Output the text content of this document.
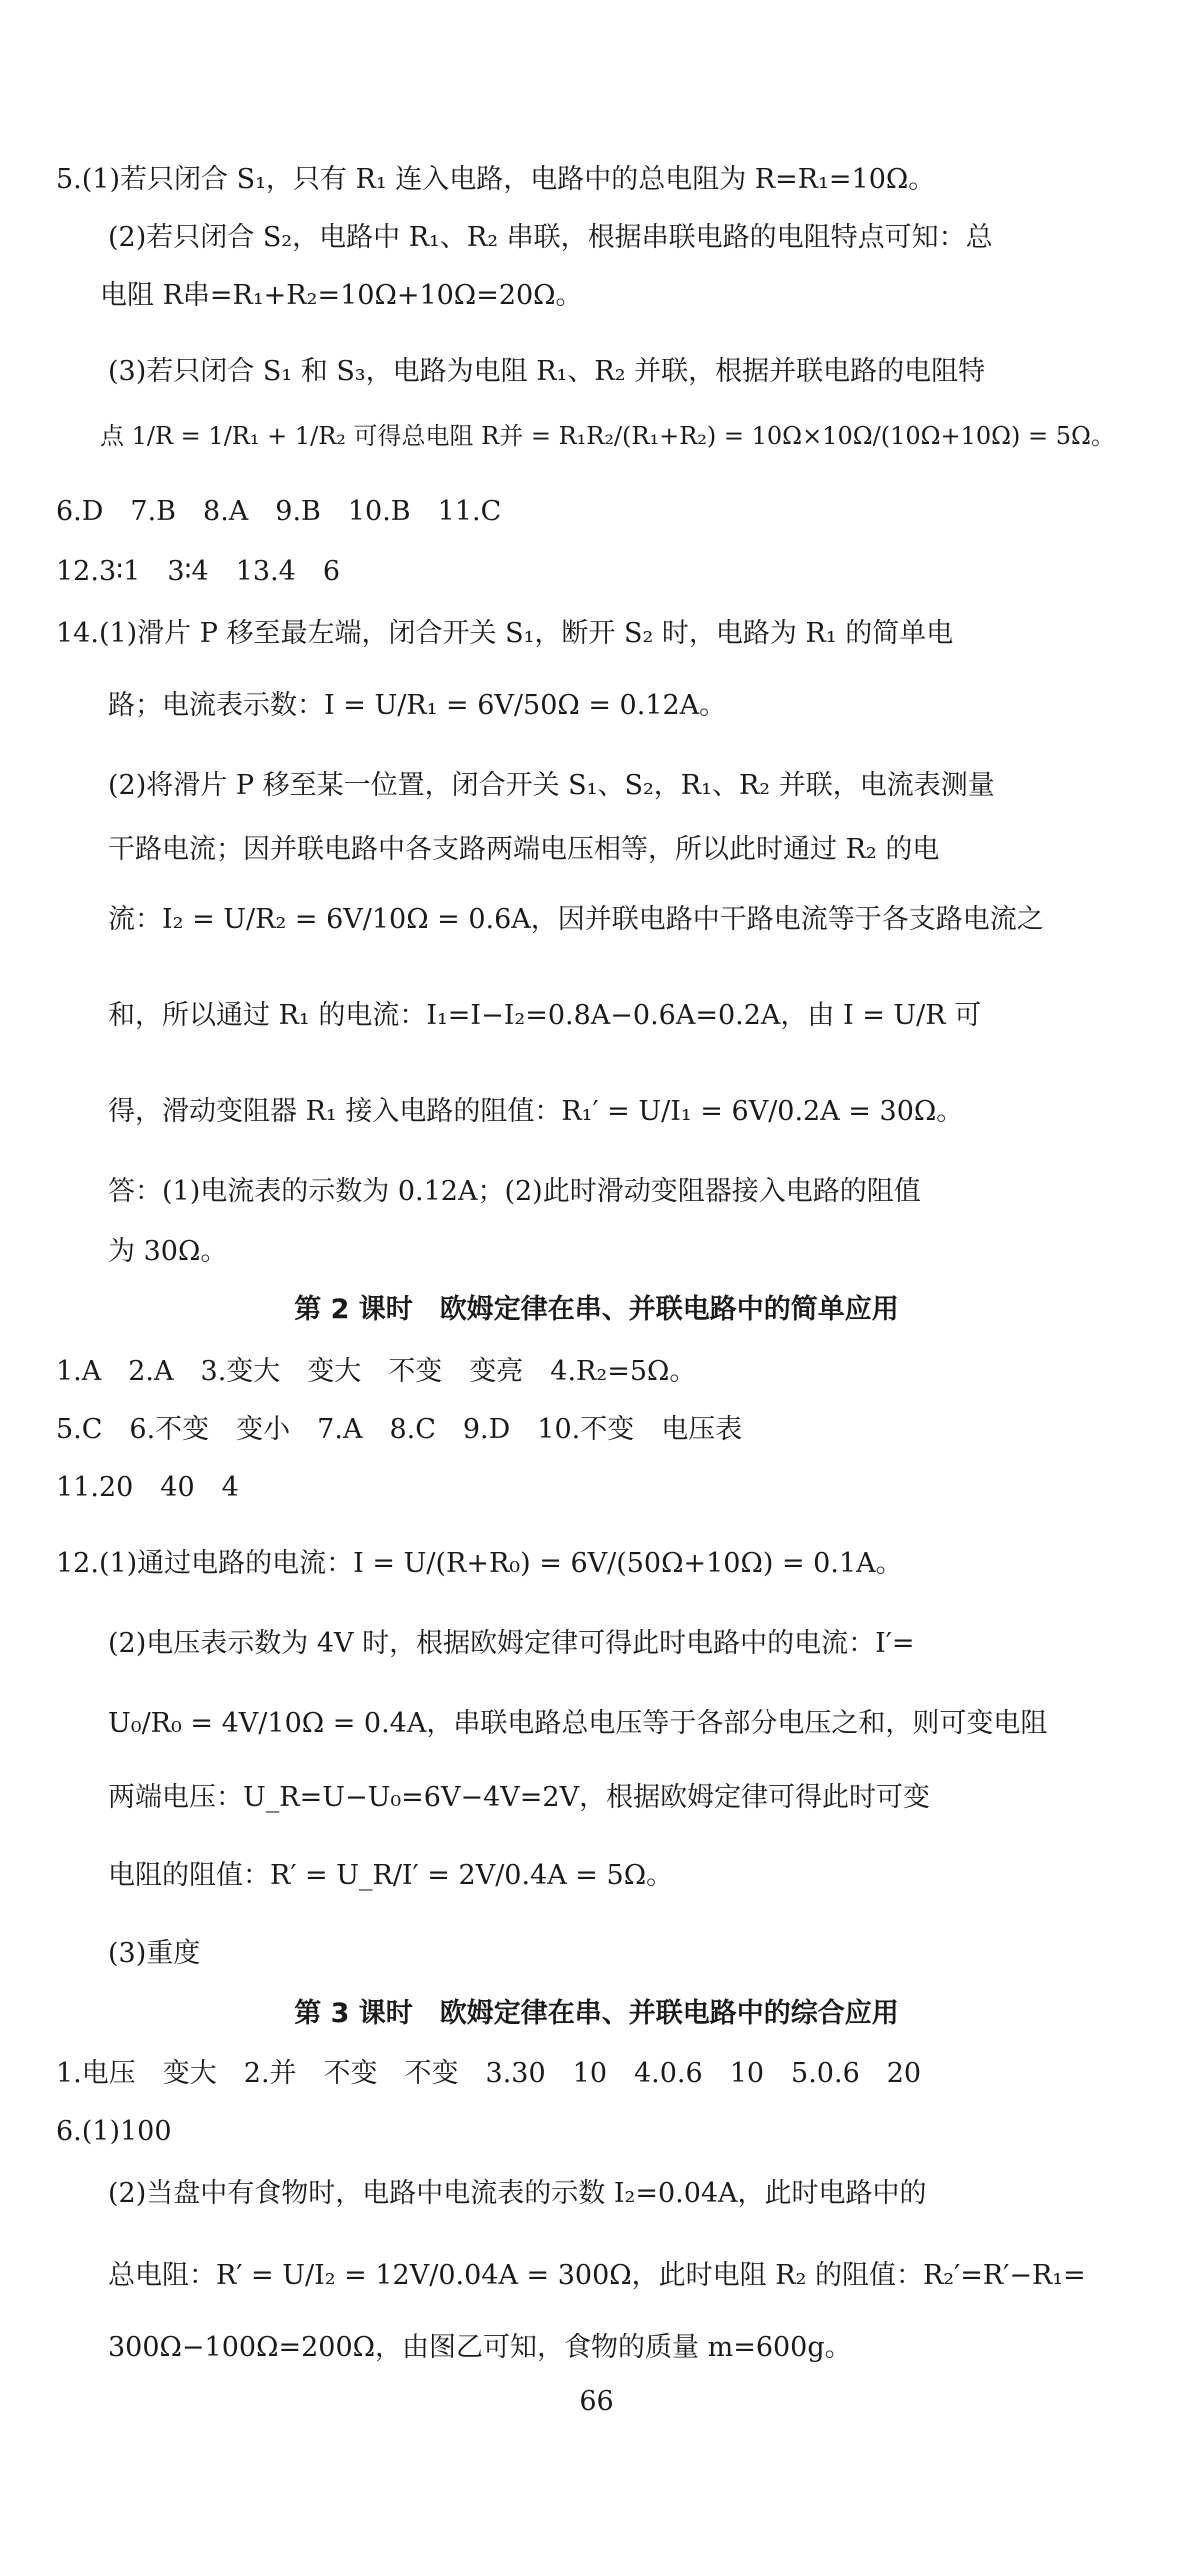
5.(1)若只闭合 S₁，只有 R₁ 连入电路，电路中的总电阻为 R=R₁=10Ω。
(2)若只闭合 S₂，电路中 R₁、R₂ 串联，根据串联电路的电阻特点可知：总
电阻 R串=R₁+R₂=10Ω+10Ω=20Ω。
(3)若只闭合 S₁ 和 S₃，电路为电阻 R₁、R₂ 并联，根据并联电路的电阻特
点 1/R = 1/R₁ + 1/R₂ 可得总电阻 R并 = R₁R₂/(R₁+R₂) = 10Ω×10Ω/(10Ω+10Ω) = 5Ω。
6.D　7.B　8.A　9.B　10.B　11.C
12.3∶1　3∶4　13.4　6
14.(1)滑片 P 移至最左端，闭合开关 S₁，断开 S₂ 时，电路为 R₁ 的简单电
路；电流表示数：I = U/R₁ = 6V/50Ω = 0.12A。
(2)将滑片 P 移至某一位置，闭合开关 S₁、S₂，R₁、R₂ 并联，电流表测量
干路电流；因并联电路中各支路两端电压相等，所以此时通过 R₂ 的电
流：I₂ = U/R₂ = 6V/10Ω = 0.6A，因并联电路中干路电流等于各支路电流之
和，所以通过 R₁ 的电流：I₁=I−I₂=0.8A−0.6A=0.2A，由 I = U/R 可
得，滑动变阻器 R₁ 接入电路的阻值：R₁′ = U/I₁ = 6V/0.2A = 30Ω。
答：(1)电流表的示数为 0.12A；(2)此时滑动变阻器接入电路的阻值
为 30Ω。
第 2 课时　欧姆定律在串、并联电路中的简单应用
1.A　2.A　3.变大　变大　不变　变亮　4.R₂=5Ω。
5.C　6.不变　变小　7.A　8.C　9.D　10.不变　电压表
11.20　40　4
12.(1)通过电路的电流：I = U/(R+R₀) = 6V/(50Ω+10Ω) = 0.1A。
(2)电压表示数为 4V 时，根据欧姆定律可得此时电路中的电流：I′=
U₀/R₀ = 4V/10Ω = 0.4A，串联电路总电压等于各部分电压之和，则可变电阻
两端电压：U_R=U−U₀=6V−4V=2V，根据欧姆定律可得此时可变
电阻的阻值：R′ = U_R/I′ = 2V/0.4A = 5Ω。
(3)重度
第 3 课时　欧姆定律在串、并联电路中的综合应用
1.电压　变大　2.并　不变　不变　3.30　10　4.0.6　10　5.0.6　20
6.(1)100
(2)当盘中有食物时，电路中电流表的示数 I₂=0.04A，此时电路中的
总电阻：R′ = U/I₂ = 12V/0.04A = 300Ω，此时电阻 R₂ 的阻值：R₂′=R′−R₁=
300Ω−100Ω=200Ω，由图乙可知，食物的质量 m=600g。
66
